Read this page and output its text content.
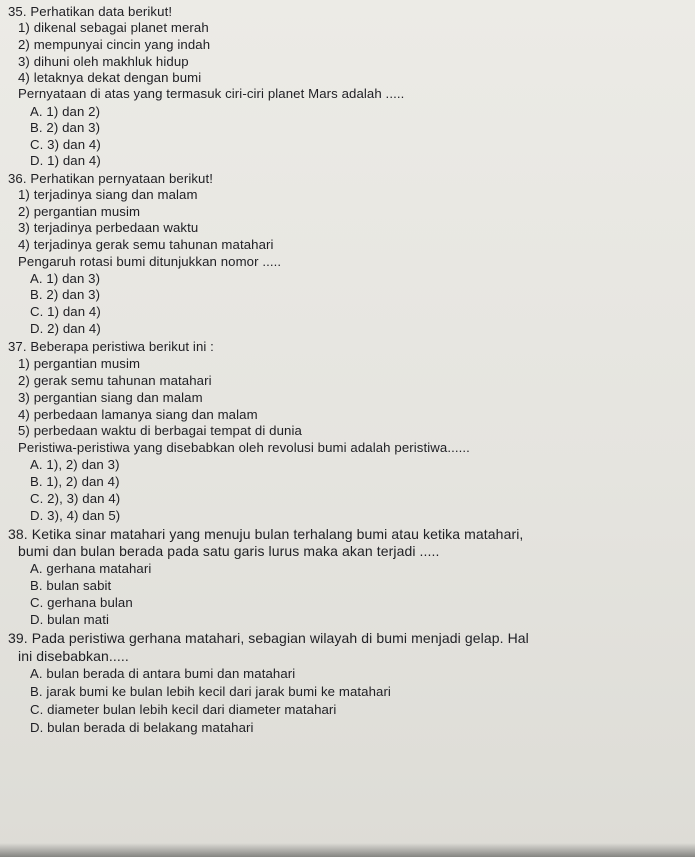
35. Perhatikan data berikut!
1) dikenal sebagai planet merah
2) mempunyai cincin yang indah
3) dihuni oleh makhluk hidup
4) letaknya dekat dengan bumi
Pernyataan di atas yang termasuk ciri-ciri planet Mars adalah .....
A. 1) dan 2)
B. 2) dan 3)
C. 3) dan 4)
D. 1) dan 4)
36. Perhatikan pernyataan berikut!
1) terjadinya siang dan malam
2) pergantian musim
3) terjadinya perbedaan waktu
4) terjadinya gerak semu tahunan matahari
Pengaruh rotasi bumi ditunjukkan nomor .....
A. 1) dan 3)
B. 2) dan 3)
C. 1) dan 4)
D. 2) dan 4)
37. Beberapa peristiwa berikut ini :
1) pergantian musim
2) gerak semu tahunan matahari
3) pergantian siang dan malam
4) perbedaan lamanya siang dan malam
5) perbedaan waktu di berbagai tempat di dunia
Peristiwa-peristiwa yang disebabkan oleh revolusi bumi adalah peristiwa......
A. 1), 2) dan 3)
B. 1), 2) dan 4)
C. 2), 3) dan 4)
D. 3), 4) dan 5)
38. Ketika sinar matahari yang menuju bulan terhalang bumi atau ketika matahari,
bumi dan bulan berada pada satu garis lurus maka akan terjadi .....
A. gerhana matahari
B. bulan sabit
C. gerhana bulan
D. bulan mati
39. Pada peristiwa gerhana matahari, sebagian wilayah di bumi menjadi gelap. Hal
ini disebabkan.....
A. bulan berada di antara bumi dan matahari
B. jarak bumi ke bulan lebih kecil dari jarak bumi ke matahari
C. diameter bulan lebih kecil dari diameter matahari
D. bulan berada di belakang matahari
